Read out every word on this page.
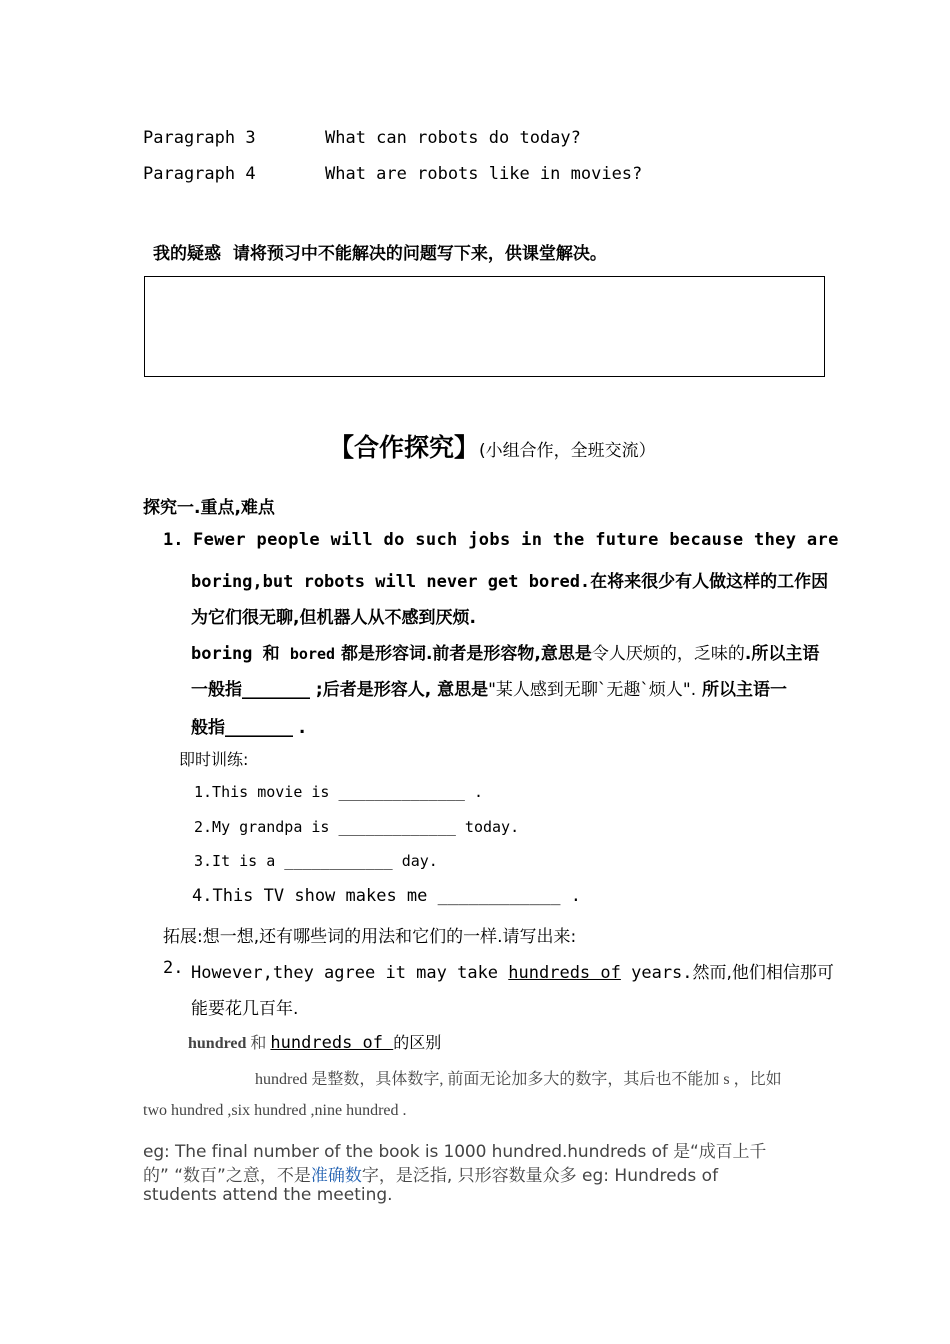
Paragraph 3	What can robots do today?
Paragraph 4	What are robots like in movies?
我的疑惑 请将预习中不能解决的问题写下来，供课堂解决。
【合作探究】(小组合作，全班交流）
探究一.重点,难点
1. Fewer people will do such jobs in the future because they are
boring,but robots will never get bored.在将来很少有人做这样的工作因
为它们很无聊,但机器人从不感到厌烦.
boring 和 bored 都是形容词.前者是形容物,意思是令人厌烦的，乏味的.所以主语
一般指________ ;后者是形容人, 意思是"某人感到无聊`无趣`烦人". 所以主语一
般指________ .
即时训练:
1.This movie is ______________ .
2.My grandpa is _____________ today.
3.It is a ____________ day.
4.This TV show makes me ____________ .
拓展:想一想,还有哪些词的用法和它们的一样.请写出来:
2. However,they agree it may take hundreds of years.然而,他们相信那可
能要花几百年.
hundred 和 hundreds of 的区别
hundred 是整数，具体数字, 前面无论加多大的数字，其后也不能加 s ，比如
two hundred ,six hundred ,nine hundred .
eg: The final number of the book is 1000 hundred.hundreds of 是“成百上千
的” “数百”之意，不是准确数字，是泛指, 只形容数量众多 eg: Hundreds of
students attend the meeting.
